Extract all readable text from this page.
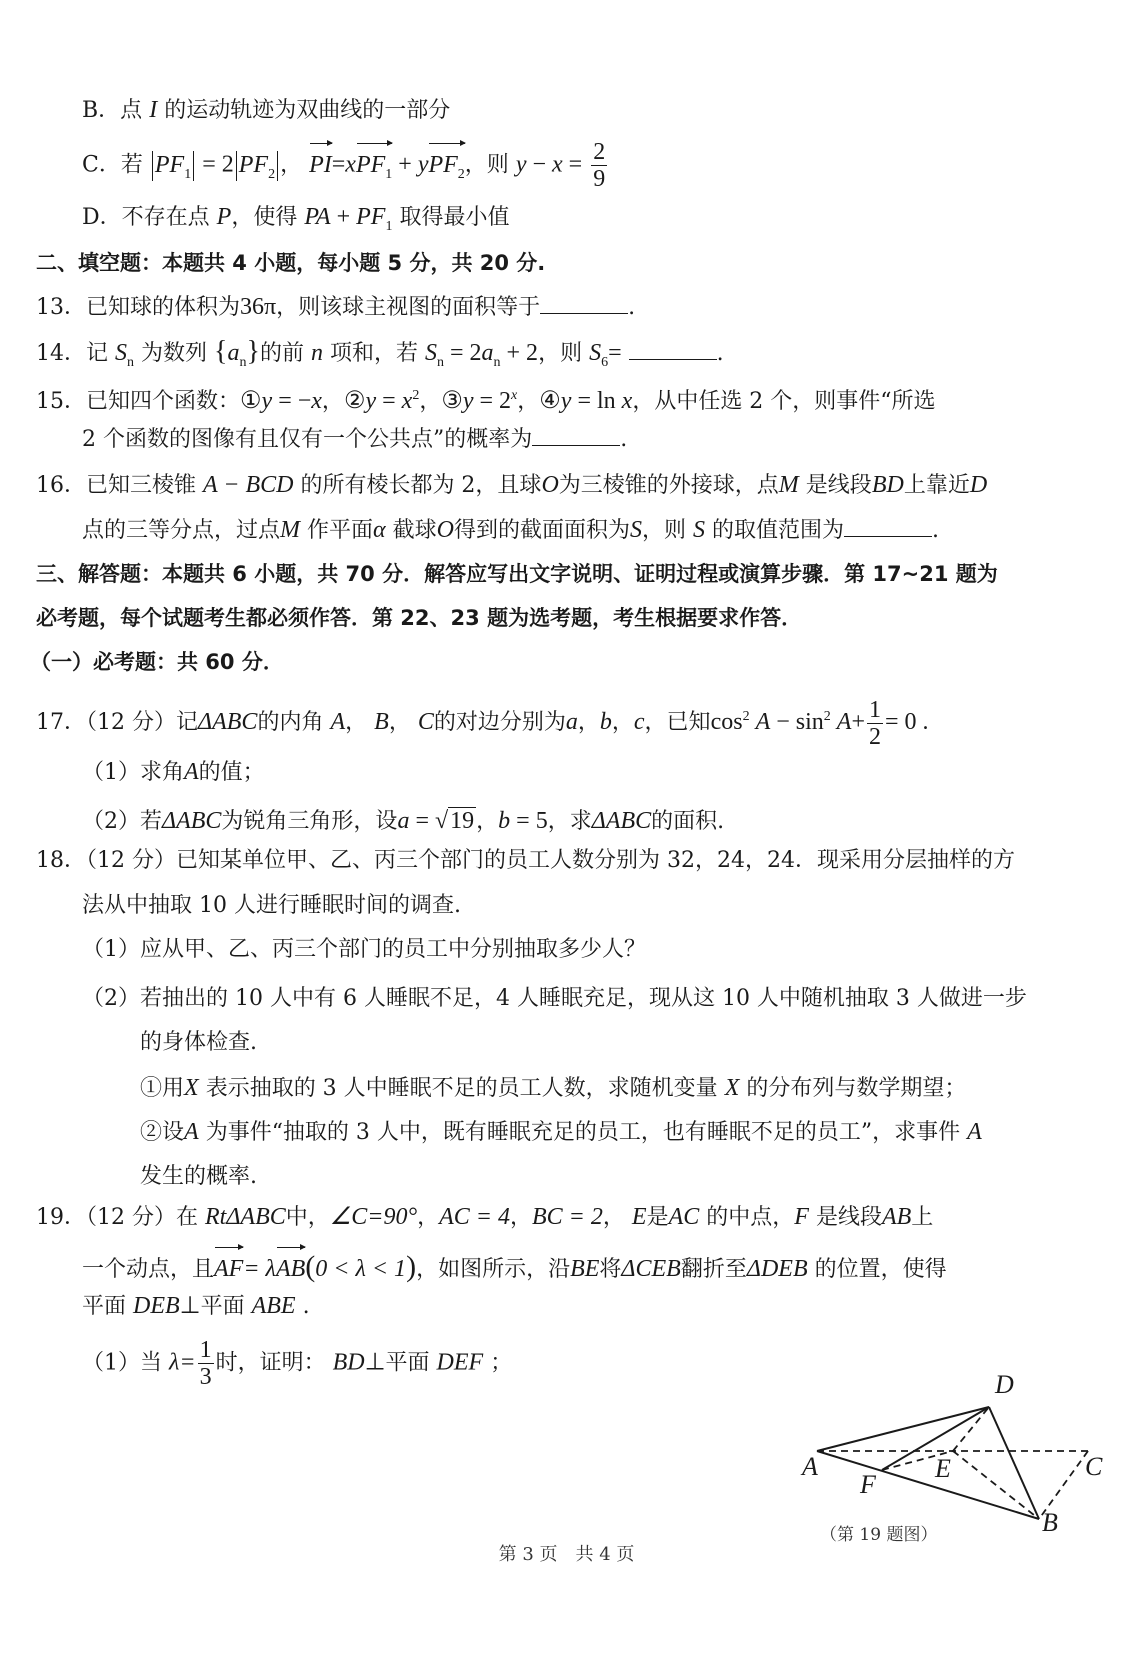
B．点 I 的运动轨迹为双曲线的一部分
C．若 $PF_1 = 2$ $PF_2$ ， PI=xPF$_1$ + yPF$_2$，则 $y - x = \frac{2}{9}$
D．不存在点 P，使得 PA + $PF_1$ 取得最小值
二、填空题：本题共 4 小题，每小题 5 分，共 20 分.
13．已知球的体积为36π，则该球主视图的面积等于	.
14．记 $S_n$ 为数列 $\{a_n\}$的前 n 项和，若 $S_n = 2a_n + 2$，则 $S_6=$	.
15．已知四个函数：①y = −x，②y = $x^2$，③y = $2^x$，④y = ln x，从中任选 2 个，则事件“所选
2 个函数的图像有且仅有一个公共点”的概率为	.
16．已知三棱锥 A − BCD 的所有棱长都为 2，且球O为三棱锥的外接球，点M 是线段BD上靠近D
点的三等分点，过点M 作平面α 截球O得到的截面面积为S，则 S 的取值范围为	.
三、解答题：本题共 6 小题，共 70 分．解答应写出文字说明、证明过程或演算步骤．第 17~21 题为
必考题，每个试题考生都必须作答．第 22、23 题为选考题，考生根据要求作答．
（一）必考题：共 60 分．
17．（12 分）记ΔABC的内角 A， B， C的对边分别为a，b，c，已知$\cos^2 A - \sin^2 A+ \frac{1}{2} = 0$ .
（1）求角A的值；
（2）若ΔABC为锐角三角形，设a = √19，b = 5，求ΔABC的面积.
18．（12 分）已知某单位甲、乙、丙三个部门的员工人数分别为 32，24，24．现采用分层抽样的方
法从中抽取 10 人进行睡眠时间的调查.
（1）应从甲、乙、丙三个部门的员工中分别抽取多少人？
（2）若抽出的 10 人中有 6 人睡眠不足，4 人睡眠充足，现从这 10 人中随机抽取 3 人做进一步
的身体检查.
①用X 表示抽取的 3 人中睡眠不足的员工人数，求随机变量 X 的分布列与数学期望；
②设A 为事件“抽取的 3 人中，既有睡眠充足的员工，也有睡眠不足的员工”，求事件 A
发生的概率.
19．（12 分）在 RtΔABC中，∠C=90°，AC = 4，BC = 2， E是AC 的中点，F 是线段AB上
一个动点，且AF= λAB(0 < λ < 1)，如图所示，沿BE将ΔCEB翻折至ΔDEB 的位置，使得
平面 DEB⊥平面 ABE .
（1）当 $\lambda= \frac{1}{3}$ 时，证明： BD⊥平面 DEF ；
A
F
E	C
D
B
（第 19 题图）
第 3 页　共 4 页
